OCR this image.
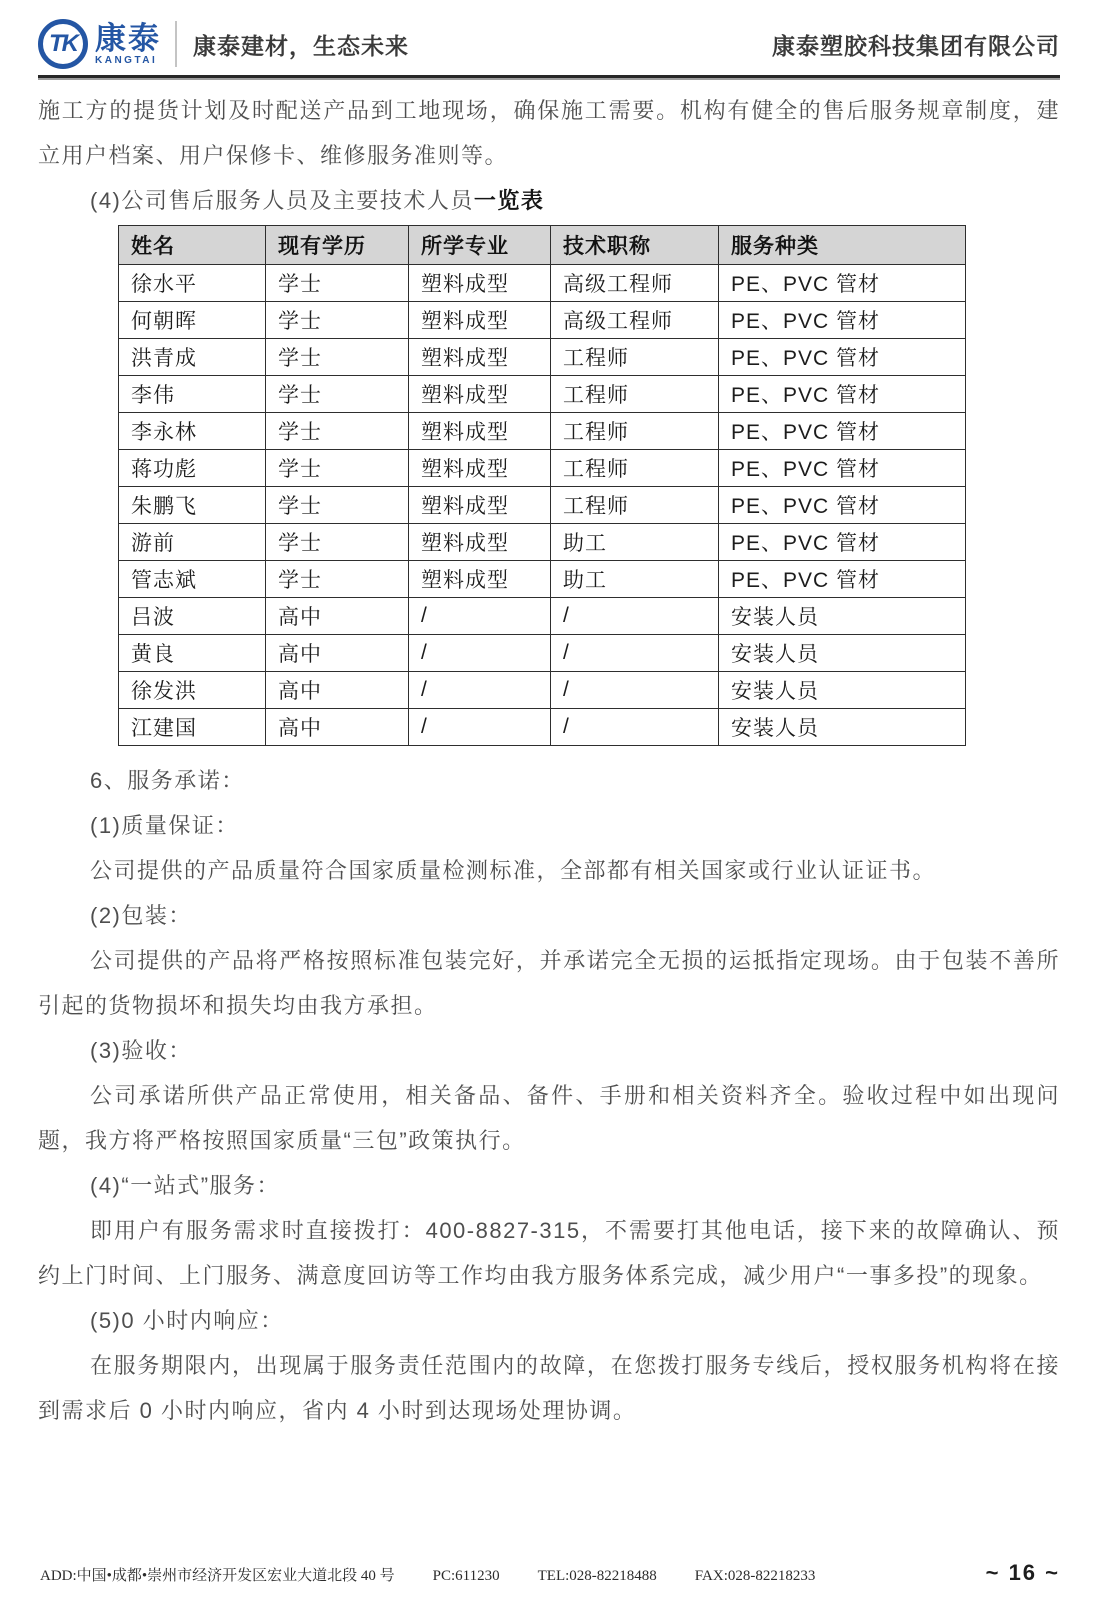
TK 康泰
KANGTAI
康泰建材，生态未来	康泰塑胶科技集团有限公司

施工方的提货计划及时配送产品到工地现场，确保施工需要。机构有健全的售后服务规章制度，建立用户档案、用户保修卡、维修服务准则等。

(4)公司售后服务人员及主要技术人员一览表

姓名	现有学历	所学专业	技术职称	服务种类
徐水平	学士	塑料成型	高级工程师	PE、PVC 管材
何朝晖	学士	塑料成型	高级工程师	PE、PVC 管材
洪青成	学士	塑料成型	工程师	PE、PVC 管材
李伟	学士	塑料成型	工程师	PE、PVC 管材
李永林	学士	塑料成型	工程师	PE、PVC 管材
蒋功彪	学士	塑料成型	工程师	PE、PVC 管材
朱鹏飞	学士	塑料成型	工程师	PE、PVC 管材
游前	学士	塑料成型	助工	PE、PVC 管材
管志斌	学士	塑料成型	助工	PE、PVC 管材
吕波	高中	/	/	安装人员
黄良	高中	/	/	安装人员
徐发洪	高中	/	/	安装人员
江建国	高中	/	/	安装人员

6、服务承诺：

(1)质量保证：

公司提供的产品质量符合国家质量检测标准，全部都有相关国家或行业认证证书。

(2)包装：

公司提供的产品将严格按照标准包装完好，并承诺完全无损的运抵指定现场。由于包装不善所引起的货物损坏和损失均由我方承担。

(3)验收：

公司承诺所供产品正常使用，相关备品、备件、手册和相关资料齐全。验收过程中如出现问题，我方将严格按照国家质量“三包”政策执行。

(4)“一站式”服务：

即用户有服务需求时直接拨打：400-8827-315，不需要打其他电话，接下来的故障确认、预约上门时间、上门服务、满意度回访等工作均由我方服务体系完成，减少用户“一事多投”的现象。

(5)0 小时内响应：

在服务期限内，出现属于服务责任范围内的故障，在您拨打服务专线后，授权服务机构将在接到需求后 0 小时内响应，省内 4 小时到达现场处理协调。

ADD:中国•成都•崇州市经济开发区宏业大道北段 40 号	PC:611230	TEL:028-82218488	FAX:028-82218233	~ 16 ~
